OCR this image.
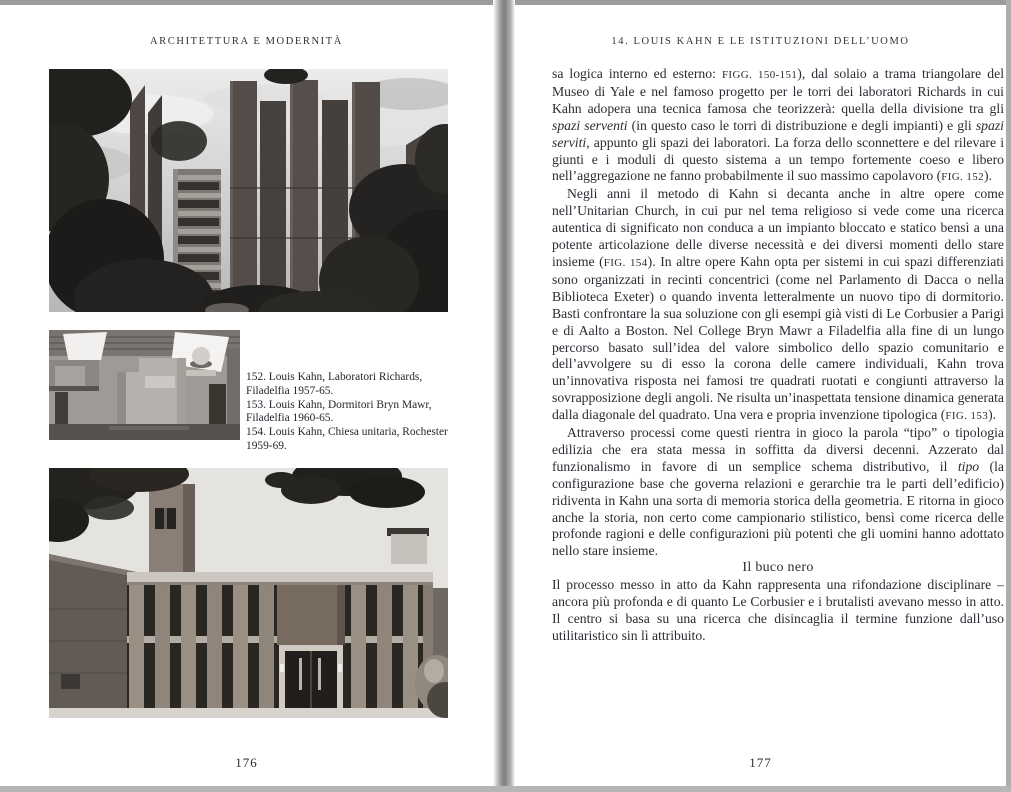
ARCHITETTURA E MODERNITÀ

152. Louis Kahn, Laboratori Richards, Filadelfia 1957-65.

153. Louis Kahn, Dormitori Bryn Mawr, Filadelfia 1960-65.

154. Louis Kahn, Chiesa unitaria, Rochester 1959-69.

176
14. LOUIS KAHN E LE ISTITUZIONI DELL’UOMO

sa logica interno ed esterno: FIGG. 150-151), dal solaio a trama triangolare del Museo di Yale e nel famoso progetto per le torri dei laboratori Richards in cui Kahn adopera una tecnica famosa che teorizzerà: quella della divisione tra gli spazi serventi (in questo caso le torri di distribuzione e degli impianti) e gli spazi serviti, appunto gli spazi dei laboratori. La forza dello sconnettere e del rilevare i giunti e i moduli di questo sistema a un tempo fortemente coeso e libero nell’aggregazione ne fanno probabilmente il suo massimo capolavoro (FIG. 152).

Negli anni il metodo di Kahn si decanta anche in altre opere come nell’Unitarian Church, in cui pur nel tema religioso si vede come una ricerca autentica di significato non conduca a un impianto bloccato e statico bensì a una potente articolazione delle diverse necessità e dei diversi momenti dello stare insieme (FIG. 154). In altre opere Kahn opta per sistemi in cui spazi differenziati sono organizzati in recinti concentrici (come nel Parlamento di Dacca o nella Biblioteca Exeter) o quando inventa letteralmente un nuovo tipo di dormitorio. Basti confrontare la sua soluzione con gli esempi già visti di Le Corbusier a Parigi e di Aalto a Boston. Nel College Bryn Mawr a Filadelfia alla fine di un lungo percorso basato sull’idea del valore simbolico dello spazio comunitario e dell’avvolgere su di esso la corona delle camere individuali, Kahn trova un’innovativa risposta nei famosi tre quadrati ruotati e congiunti attraverso la sovrapposizione degli angoli. Ne risulta un’inaspettata tensione dinamica generata dalla diagonale del quadrato. Una vera e propria invenzione tipologica (FIG. 153).

Attraverso processi come questi rientra in gioco la parola “tipo” o tipologia edilizia che era stata messa in soffitta da diversi decenni. Azzerato dal funzionalismo in favore di un semplice schema distributivo, il tipo (la configurazione base che governa relazioni e gerarchie tra le parti dell’edificio) ridiventa in Kahn una sorta di memoria storica della geometria. E ritorna in gioco anche la storia, non certo come campionario stilistico, bensì come ricerca delle profonde ragioni e delle configurazioni più potenti che gli uomini hanno adottato nello stare insieme.

Il buco nero

Il processo messo in atto da Kahn rappresenta una rifondazione disciplinare – ancora più profonda e di quanto Le Corbusier e i brutalisti avevano messo in atto. Il centro si basa su una ricerca che disincaglia il termine funzione dall’uso utilitaristico sin lì attribuito.

177
